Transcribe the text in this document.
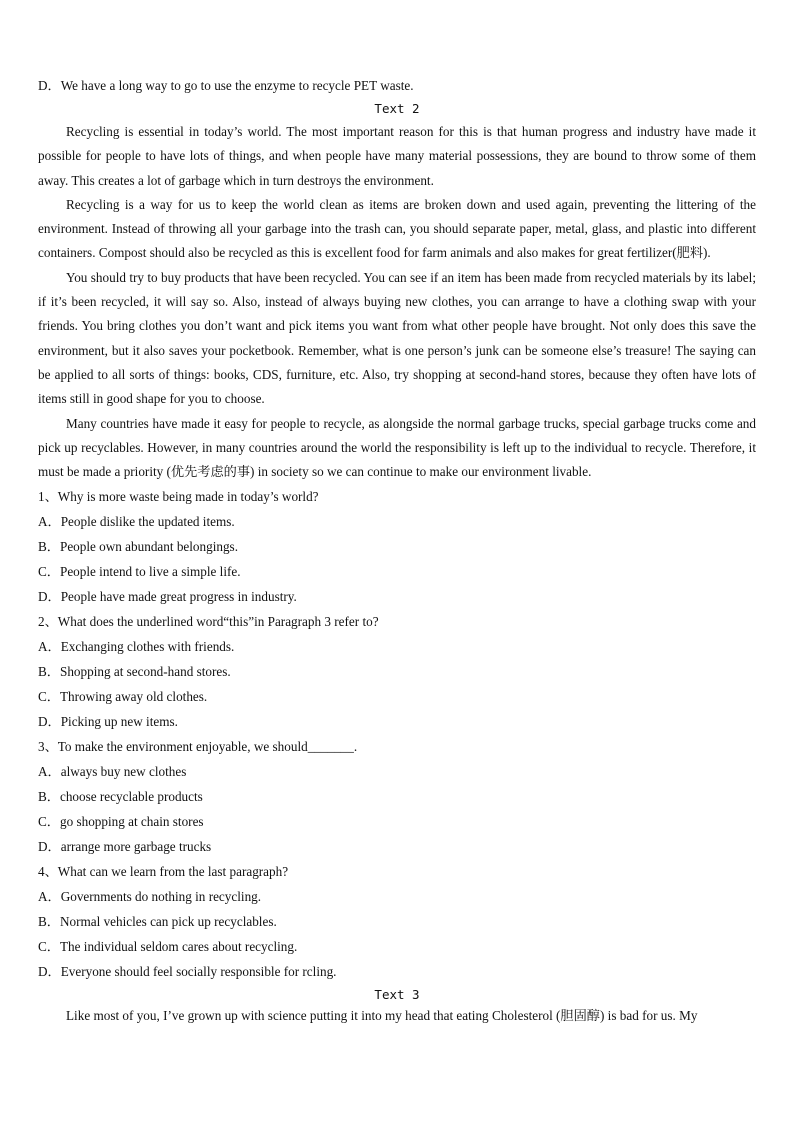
D．We have a long way to go to use the enzyme to recycle PET waste.
Text 2
Recycling is essential in today’s world. The most important reason for this is that human progress and industry have made it possible for people to have lots of things, and when people have many material possessions, they are bound to throw some of them away. This creates a lot of garbage which in turn destroys the environment.
Recycling is a way for us to keep the world clean as items are broken down and used again, preventing the littering of the environment. Instead of throwing all your garbage into the trash can, you should separate paper, metal, glass, and plastic into different containers. Compost should also be recycled as this is excellent food for farm animals and also makes for great fertilizer(肥料).
You should try to buy products that have been recycled. You can see if an item has been made from recycled materials by its label; if it’s been recycled, it will say so. Also, instead of always buying new clothes, you can arrange to have a clothing swap with your friends. You bring clothes you don’t want and pick items you want from what other people have brought. Not only does this save the environment, but it also saves your pocketbook. Remember, what is one person’s junk can be someone else’s treasure! The saying can be applied to all sorts of things: books, CDS, furniture, etc. Also, try shopping at second-hand stores, because they often have lots of items still in good shape for you to choose.
Many countries have made it easy for people to recycle, as alongside the normal garbage trucks, special garbage trucks come and pick up recyclables. However, in many countries around the world the responsibility is left up to the individual to recycle. Therefore, it must be made a priority (优先考虑的事) in society so we can continue to make our environment livable.
1、Why is more waste being made in today’s world?
A．People dislike the updated items.
B．People own abundant belongings.
C．People intend to live a simple life.
D．People have made great progress in industry.
2、What does the underlined word“this”in Paragraph 3 refer to?
A．Exchanging clothes with friends.
B．Shopping at second-hand stores.
C．Throwing away old clothes.
D．Picking up new items.
3、To make the environment enjoyable, we should_______.
A．always buy new clothes
B．choose recyclable products
C．go shopping at chain stores
D．arrange more garbage trucks
4、What can we learn from the last paragraph?
A．Governments do nothing in recycling.
B．Normal vehicles can pick up recyclables.
C．The individual seldom cares about recycling.
D．Everyone should feel socially responsible for rcling.
Text 3
Like most of you, I’ve grown up with science putting it into my head that eating Cholesterol (胆固醇) is bad for us. My
